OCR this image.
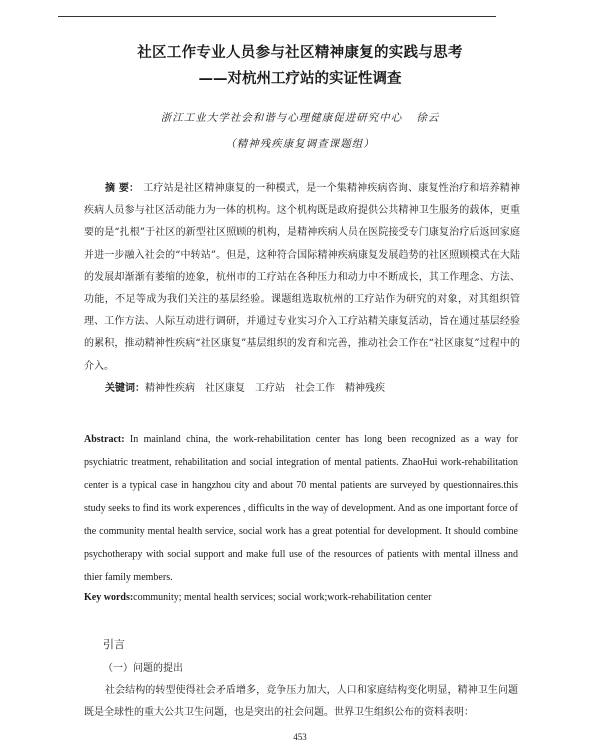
社区工作专业人员参与社区精神康复的实践与思考
——对杭州工疗站的实证性调查
浙江工业大学社会和谐与心理健康促进研究中心 徐云
（精神残疾康复调查课题组）

摘 要： 工疗站是社区精神康复的一种模式，是一个集精神疾病咨询、康复性治疗和培养精神疾病人员参与社区活动能力为一体的机构。这个机构既是政府提供公共精神卫生服务的载体，更重要的是“扎根”于社区的新型社区照顾的机构，是精神疾病人员在医院接受专门康复治疗后返回家庭并进一步融入社会的“中转站”。但是，这种符合国际精神疾病康复发展趋势的社区照顾模式在大陆的发展却渐渐有萎缩的迹象，杭州市的工疗站在各种压力和动力中不断成长，其工作理念、方法、功能，不足等成为我们关注的基层经验。课题组选取杭州的工疗站作为研究的对象，对其组织管理、工作方法、人际互动进行调研，并通过专业实习介入工疗站精关康复活动，旨在通过基层经验的累积，推动精神性疾病“社区康复”基层组织的发育和完善，推动社会工作在“社区康复”过程中的介入。

关键词：精神性疾病　社区康复　工疗站　社会工作　精神残疾

Abstract: In mainland china, the work-rehabilitation center has long been recognized as a way for psychiatric treatment, rehabilitation and social integration of mental patients. ZhaoHui work-rehabilitation center is a typical case in hangzhou city and about 70 mental patients are surveyed by questionnaires.this study seeks to find its work experences , difficults in the way of development. And as one important force of the community mental health service, social work has a great potential for development. It should combine psychotherapy with social support and make full use of the resources of patients with mental illness and thier family members.

Key words:community; mental health services; social work;work-rehabilitation center
引言
（一）问题的提出

社会结构的转型使得社会矛盾增多，竞争压力加大，人口和家庭结构变化明显，精神卫生问题既是全球性的重大公共卫生问题，也是突出的社会问题。世界卫生组织公布的资料表明：

453
